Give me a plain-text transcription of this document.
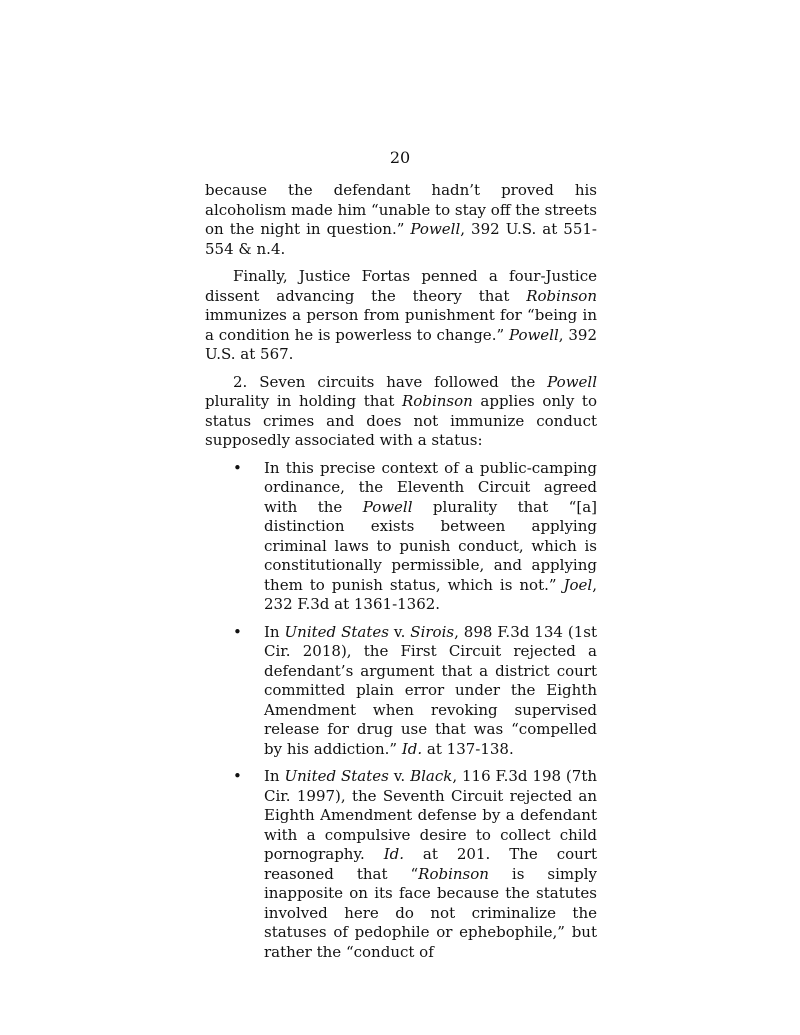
20

because the defendant hadn’t proved his alcoholism made him “unable to stay off the streets on the night in question.” Powell, 392 U.S. at 551-554 & n.4.

Finally, Justice Fortas penned a four-Justice dissent advancing the theory that Robinson immunizes a person from punishment for “being in a condition he is powerless to change.” Powell, 392 U.S. at 567.

2. Seven circuits have followed the Powell plurality in holding that Robinson applies only to status crimes and does not immunize conduct supposedly associated with a status:

• In this precise context of a public-camping ordinance, the Eleventh Circuit agreed with the Powell plurality that “[a] distinction exists between applying criminal laws to punish conduct, which is constitutionally permissible, and applying them to punish status, which is not.” Joel, 232 F.3d at 1361-1362.
• In United States v. Sirois, 898 F.3d 134 (1st Cir. 2018), the First Circuit rejected a defendant’s argument that a district court committed plain error under the Eighth Amendment when revoking supervised release for drug use that was “compelled by his addiction.” Id. at 137-138.
• In United States v. Black, 116 F.3d 198 (7th Cir. 1997), the Seventh Circuit rejected an Eighth Amendment defense by a defendant with a compulsive desire to collect child pornography. Id. at 201. The court reasoned that “Robinson is simply inapposite on its face because the statutes involved here do not criminalize the statuses of pedophile or ephebophile,” but rather the “conduct of
